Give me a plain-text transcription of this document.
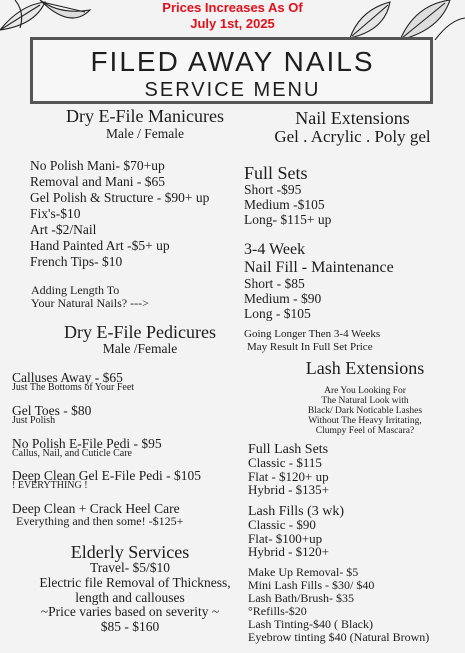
Prices Increases As Of
July 1st, 2025
FILED AWAY NAILS
SERVICE MENU
Dry E-File Manicures
Male / Female
No Polish Mani- $70+up
Removal and Mani - $65
Gel Polish & Structure - $90+ up
Fix's-$10
Art -$2/Nail
Hand Painted Art -$5+ up
French Tips- $10
Adding Length To
Your Natural Nails? --->
Dry E-File Pedicures
Male /Female
Calluses Away - $65
Just The Bottoms of Your Feet
Gel Toes - $80
Just Polish
No Polish E-File Pedi - $95
Callus, Nail, and Cuticle Care
Deep Clean Gel E-File Pedi - $105
! EVERYTHING !
Deep Clean + Crack Heel Care
Everything and then some! -$125+
Elderly Services
Travel- $5/$10
Electric file Removal of Thickness,
length and callouses
~Price varies based on severity ~
$85 - $160
Nail Extensions
Gel . Acrylic . Poly gel
Full Sets
Short -$95
Medium -$105
Long- $115+ up
3-4 Week
Nail Fill - Maintenance
Short - $85
Medium - $90
Long - $105
Going Longer Then 3-4 Weeks
May Result In Full Set Price
Lash Extensions
Are You Looking For
The Natural Look with
Black/ Dark Noticable Lashes
Without The Heavy Irritating,
Clumpy Feel of Mascara?
Full Lash Sets
Classic - $115
Flat - $120+ up
Hybrid - $135+
Lash Fills (3 wk)
Classic - $90
Flat- $100+up
Hybrid - $120+
Make Up Removal- $5
Mini Lash Fills - $30/ $40
Lash Bath/Brush- $35
°Refills-$20
Lash Tinting-$40 ( Black)
Eyebrow tinting $40 (Natural Brown)
